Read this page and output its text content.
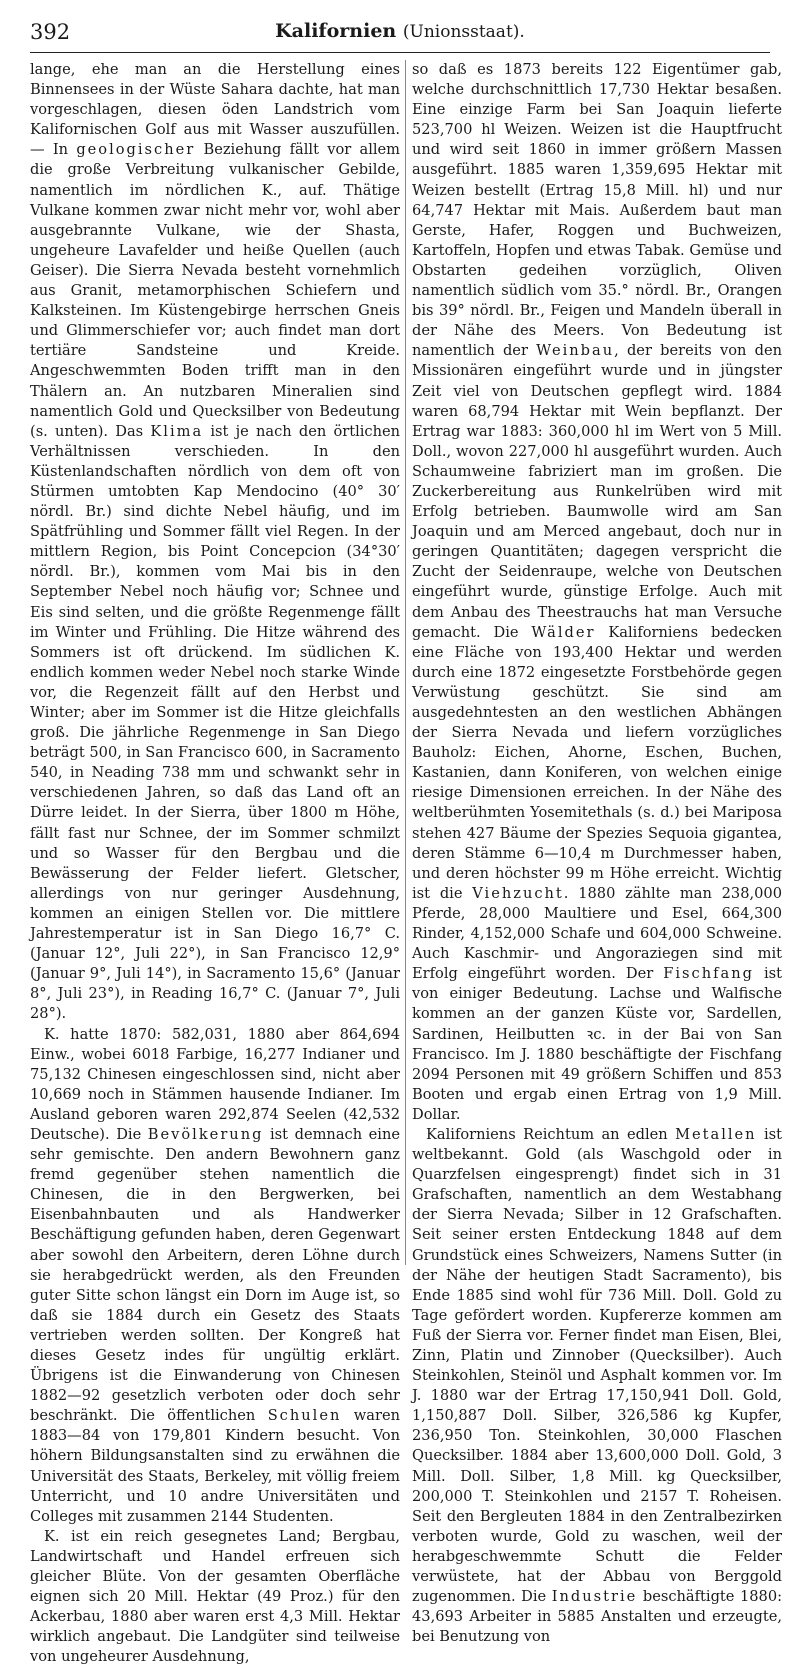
392	Kalifornien (Unionsstaat).

lange, ehe man an die Herstellung eines Binnensees in der Wüste Sahara dachte, hat man vorgeschlagen, diesen öden Landstrich vom Kalifornischen Golf aus mit Wasser auszufüllen. — In geologischer Beziehung fällt vor allem die große Verbreitung vulkanischer Gebilde, namentlich im nördlichen K., auf. Thätige Vulkane kommen zwar nicht mehr vor, wohl aber ausgebrannte Vulkane, wie der Shasta, ungeheure Lavafelder und heiße Quellen (auch Geiser). Die Sierra Nevada besteht vornehmlich aus Granit, metamorphischen Schiefern und Kalksteinen. Im Küstengebirge herrschen Gneis und Glimmerschiefer vor; auch findet man dort tertiäre Sandsteine und Kreide. Angeschwemmten Boden trifft man in den Thälern an. An nutzbaren Mineralien sind namentlich Gold und Quecksilber von Bedeutung (s. unten). Das Klima ist je nach den örtlichen Verhältnissen verschieden. In den Küstenlandschaften nördlich von dem oft von Stürmen umtobten Kap Mendocino (40° 30′ nördl. Br.) sind dichte Nebel häufig, und im Spätfrühling und Sommer fällt viel Regen. In der mittlern Region, bis Point Concepcion (34°30′ nördl. Br.), kommen vom Mai bis in den September Nebel noch häufig vor; Schnee und Eis sind selten, und die größte Regenmenge fällt im Winter und Frühling. Die Hitze während des Sommers ist oft drückend. Im südlichen K. endlich kommen weder Nebel noch starke Winde vor, die Regenzeit fällt auf den Herbst und Winter; aber im Sommer ist die Hitze gleichfalls groß. Die jährliche Regenmenge in San Diego beträgt 500, in San Francisco 600, in Sacramento 540, in Neading 738 mm und schwankt sehr in verschiedenen Jahren, so daß das Land oft an Dürre leidet. In der Sierra, über 1800 m Höhe, fällt fast nur Schnee, der im Sommer schmilzt und so Wasser für den Bergbau und die Bewässerung der Felder liefert. Gletscher, allerdings von nur geringer Ausdehnung, kommen an einigen Stellen vor. Die mittlere Jahrestemperatur ist in San Diego 16,7° C. (Januar 12°, Juli 22°), in San Francisco 12,9° (Januar 9°, Juli 14°), in Sacramento 15,6° (Januar 8°, Juli 23°), in Reading 16,7° C. (Januar 7°, Juli 28°).

K. hatte 1870: 582,031, 1880 aber 864,694 Einw., wobei 6018 Farbige, 16,277 Indianer und 75,132 Chinesen eingeschlossen sind, nicht aber 10,669 noch in Stämmen hausende Indianer. Im Ausland geboren waren 292,874 Seelen (42,532 Deutsche). Die Bevölkerung ist demnach eine sehr gemischte. Den andern Bewohnern ganz fremd gegenüber stehen namentlich die Chinesen, die in den Bergwerken, bei Eisenbahnbauten und als Handwerker Beschäftigung gefunden haben, deren Gegenwart aber sowohl den Arbeitern, deren Löhne durch sie herabgedrückt werden, als den Freunden guter Sitte schon längst ein Dorn im Auge ist, so daß sie 1884 durch ein Gesetz des Staats vertrieben werden sollten. Der Kongreß hat dieses Gesetz indes für ungültig erklärt. Übrigens ist die Einwanderung von Chinesen 1882—92 gesetzlich verboten oder doch sehr beschränkt. Die öffentlichen Schulen waren 1883—84 von 179,801 Kindern besucht. Von höhern Bildungsanstalten sind zu erwähnen die Universität des Staats, Berkeley, mit völlig freiem Unterricht, und 10 andre Universitäten und Colleges mit zusammen 2144 Studenten.

K. ist ein reich gesegnetes Land; Bergbau, Landwirtschaft und Handel erfreuen sich gleicher Blüte. Von der gesamten Oberfläche eignen sich 20 Mill. Hektar (49 Proz.) für den Ackerbau, 1880 aber waren erst 4,3 Mill. Hektar wirklich angebaut. Die Landgüter sind teilweise von ungeheurer Ausdehnung,

so daß es 1873 bereits 122 Eigentümer gab, welche durchschnittlich 17,730 Hektar besaßen. Eine einzige Farm bei San Joaquin lieferte 523,700 hl Weizen. Weizen ist die Hauptfrucht und wird seit 1860 in immer größern Massen ausgeführt. 1885 waren 1,359,695 Hektar mit Weizen bestellt (Ertrag 15,8 Mill. hl) und nur 64,747 Hektar mit Mais. Außerdem baut man Gerste, Hafer, Roggen und Buchweizen, Kartoffeln, Hopfen und etwas Tabak. Gemüse und Obstarten gedeihen vorzüglich, Oliven namentlich südlich vom 35.° nördl. Br., Orangen bis 39° nördl. Br., Feigen und Mandeln überall in der Nähe des Meers. Von Bedeutung ist namentlich der Weinbau, der bereits von den Missionären eingeführt wurde und in jüngster Zeit viel von Deutschen gepflegt wird. 1884 waren 68,794 Hektar mit Wein bepflanzt. Der Ertrag war 1883: 360,000 hl im Wert von 5 Mill. Doll., wovon 227,000 hl ausgeführt wurden. Auch Schaumweine fabriziert man im großen. Die Zuckerbereitung aus Runkelrüben wird mit Erfolg betrieben. Baumwolle wird am San Joaquin und am Merced angebaut, doch nur in geringen Quantitäten; dagegen verspricht die Zucht der Seidenraupe, welche von Deutschen eingeführt wurde, günstige Erfolge. Auch mit dem Anbau des Theestrauchs hat man Versuche gemacht. Die Wälder Kaliforniens bedecken eine Fläche von 193,400 Hektar und werden durch eine 1872 eingesetzte Forstbehörde gegen Verwüstung geschützt. Sie sind am ausgedehntesten an den westlichen Abhängen der Sierra Nevada und liefern vorzügliches Bauholz: Eichen, Ahorne, Eschen, Buchen, Kastanien, dann Koniferen, von welchen einige riesige Dimensionen erreichen. In der Nähe des weltberühmten Yosemitethals (s. d.) bei Mariposa stehen 427 Bäume der Spezies Sequoia gigantea, deren Stämme 6—10,4 m Durchmesser haben, und deren höchster 99 m Höhe erreicht. Wichtig ist die Viehzucht. 1880 zählte man 238,000 Pferde, 28,000 Maultiere und Esel, 664,300 Rinder, 4,152,000 Schafe und 604,000 Schweine. Auch Kaschmir- und Angoraziegen sind mit Erfolg eingeführt worden. Der Fischfang ist von einiger Bedeutung. Lachse und Walfische kommen an der ganzen Küste vor, Sardellen, Sardinen, Heilbutten ꝛc. in der Bai von San Francisco. Im J. 1880 beschäftigte der Fischfang 2094 Personen mit 49 größern Schiffen und 853 Booten und ergab einen Ertrag von 1,9 Mill. Dollar.

Kaliforniens Reichtum an edlen Metallen ist weltbekannt. Gold (als Waschgold oder in Quarzfelsen eingesprengt) findet sich in 31 Grafschaften, namentlich an dem Westabhang der Sierra Nevada; Silber in 12 Grafschaften. Seit seiner ersten Entdeckung 1848 auf dem Grundstück eines Schweizers, Namens Sutter (in der Nähe der heutigen Stadt Sacramento), bis Ende 1885 sind wohl für 736 Mill. Doll. Gold zu Tage gefördert worden. Kupfererze kommen am Fuß der Sierra vor. Ferner findet man Eisen, Blei, Zinn, Platin und Zinnober (Quecksilber). Auch Steinkohlen, Steinöl und Asphalt kommen vor. Im J. 1880 war der Ertrag 17,150,941 Doll. Gold, 1,150,887 Doll. Silber, 326,586 kg Kupfer, 236,950 Ton. Steinkohlen, 30,000 Flaschen Quecksilber. 1884 aber 13,600,000 Doll. Gold, 3 Mill. Doll. Silber, 1,8 Mill. kg Quecksilber, 200,000 T. Steinkohlen und 2157 T. Roheisen. Seit den Bergleuten 1884 in den Zentralbezirken verboten wurde, Gold zu waschen, weil der herabgeschwemmte Schutt die Felder verwüstete, hat der Abbau von Berggold zugenommen. Die Industrie beschäftigte 1880: 43,693 Arbeiter in 5885 Anstalten und erzeugte, bei Benutzung von
